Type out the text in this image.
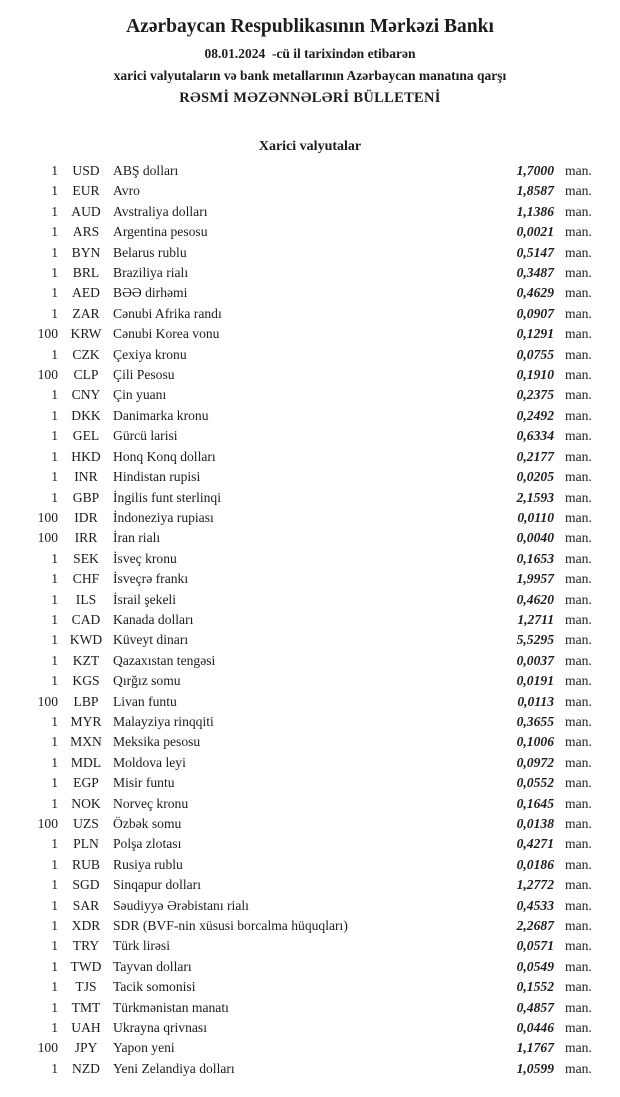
Azərbaycan Respublikasının Mərkəzi Bankı
08.01.2024  -cü il tarixindən etibarən
xarici valyutaların və bank metallarının Azərbaycan manatına qarşı
RƏSMİ MƏZƏNNƏLƏRİ BÜLLETENİ
Xarici valyutalar
1	USD ABŞ dolları	1,7000 man.
1	EUR Avro	1,8587 man.
1 AUD Avstraliya dolları	1,1386 man.
1	ARS	Argentina pesosu	0,0021 man.
1	BYN Belarus rublu	0,5147 man.
1	BRL	Braziliya rialı	0,3487 man.
1	AED BƏƏ dirhəmi	0,4629 man.
1	ZAR Cənubi Afrika randı	0,0907 man.
100 KRW Cənubi Korea vonu	0,1291 man.
1	CZK Çexiya kronu	0,0755 man.
100	CLP	Çili Pesosu	0,1910 man.
1	CNY Çin yuanı	0,2375 man.
1 DKK Danimarka kronu	0,2492 man.
1	GEL	Gürcü larisi	0,6334 man.
1 HKD Honq Konq dolları	0,2177 man.
1	INR	Hindistan rupisi	0,0205 man.
1	GBP	İngilis funt sterlinqi	2,1593 man.
100	IDR	İndoneziya rupiası	0,0110 man.
100	IRR	İran rialı	0,0040 man.
1	SEK	İsveç kronu	0,1653 man.
1	CHF	İsveçrə frankı	1,9957 man.
1	ILS	İsrail şekeli	0,4620 man.
1	CAD Kanada dolları	1,2711 man.
1 KWD Küveyt dinarı	5,5295 man.
1	KZT	Qazaxıstan tengəsi	0,0037 man.
1	KGS Qırğız somu	0,0191 man.
100	LBP	Livan funtu	0,0113 man.
1 MYR Malayziya rinqqiti	0,3655 man.
1 MXN Meksika pesosu	0,1006 man.
1 MDL Moldova leyi	0,0972 man.
1	EGP	Misir funtu	0,0552 man.
1 NOK Norveç kronu	0,1645 man.
100	UZS	Özbək somu	0,0138 man.
1	PLN	Polşa zlotası	0,4271 man.
1	RUB Rusiya rublu	0,0186 man.
1	SGD Sinqapur dolları	1,2772 man.
1	SAR	Səudiyyə Ərəbistanı rialı	0,4533 man.
1	XDR SDR (BVF-nin xüsusi borcalma hüquqları)	2,2687 man.
1	TRY	Türk lirəsi	0,0571 man.
1 TWD Tayvan dolları	0,0549 man.
1	TJS	Tacik somonisi	0,1552 man.
1	TMT Türkmənistan manatı	0,4857 man.
1 UAH Ukrayna qrivnası	0,0446 man.
100	JPY	Yapon yeni	1,1767 man.
1	NZD Yeni Zelandiya dolları	1,0599 man.
